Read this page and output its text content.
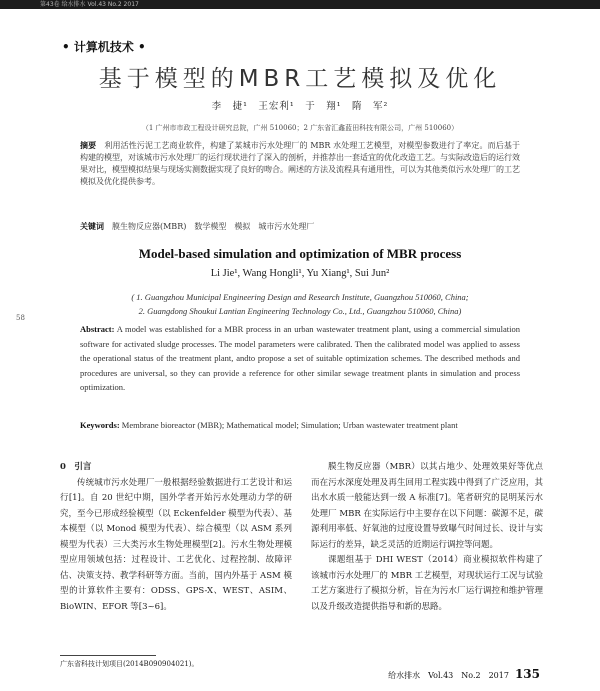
第43卷 给水排水 Vol.43 No.2 2017
• 计算机技术 •
基于模型的MBR工艺模拟及优化
李　捷¹　王宏利¹　于　翔¹　隋　军²
（1 广州市市政工程设计研究总院，广州 510060；2 广东省汇鑫蓝田科技有限公司，广州 510060）
摘要　 利用活性污泥工艺商业软件，构建了某城市污水处理厂的 MBR 水处理工艺模型，对模型参数进行了率定。而后基于构建的模型，对该城市污水处理厂的运行现状进行了深入的剖析，并推荐出一套适宜的优化改造工艺。与实际改造后的运行效果对比，模型模拟结果与现场实测数据实现了良好的吻合。阐述的方法及流程具有通用性，可以为其他类似污水处理厂的工艺模拟及优化提供参考。
关键词　 膜生物反应器(MBR)　数学模型　模拟　城市污水处理厂
Model-based simulation and optimization of MBR process
Li Jie¹, Wang Hongli¹, Yu Xiang¹, Sui Jun²
( 1. Guangzhou Municipal Engineering Design and Research Institute, Guangzhou 510060, China;
2. Guangdong Shoukui Lantian Engineering Technology Co., Ltd., Guangzhou 510060, China)
Abstract: A model was established for a MBR process in an urban wastewater treatment plant, using a commercial simulation software for activated sludge processes. The model parameters were calibrated. Then the calibrated model was applied to assess the operational status of the treatment plant, andto propose a set of suitable optimization schemes. The described methods and procedures are universal, so they can provide a reference for other similar sewage treatment plants in simulation and process optimization.
Keywords: Membrane bioreactor (MBR); Mathematical model; Simulation; Urban wastewater treatment plant
58

0　引言

传统城市污水处理厂一般根据经验数据进行工艺设计和运行[1]。自 20 世纪中期，国外学者开始污水处理动力学的研究，至今已形成经验模型（以 Eckenfelder 模型为代表）、基本模型（以 Monod 模型为代表）、综合模型（以 ASM 系列模型为代表）三大类污水生物处理模型[2]。污水生物处理模型应用领域包括：过程设计、工艺优化、过程控制、故障评估、决策支持、教学科研等方面。当前，国内外基于 ASM 模型的计算软件主要有：ODSS、GPS-X、WEST、ASIM、BioWIN、EFOR 等[3~6]。

膜生物反应器（MBR）以其占地少、处理效果好等优点而在污水深度处理及再生回用工程实践中得到了广泛应用，其出水水质一般能达到一级 A 标准[7]。笔者研究的昆明某污水处理厂 MBR 在实际运行中主要存在以下问题：碳源不足，碳源利用率低、好氧池的过度设置导致曝气时间过长、设计与实际运行的差异，缺乏灵活的近期运行调控等问题。

课题组基于 DHI WEST（2014）商业模拟软件构建了该城市污水处理厂的 MBR 工艺模型，对现状运行工况与试验工艺方案进行了模拟分析，旨在为污水厂运行调控和维护管理以及升级改造提供指导和新的思路。

广东省科技计划项目(2014B090904021)。
给水排水　Vol.43　No.2　2017 135
